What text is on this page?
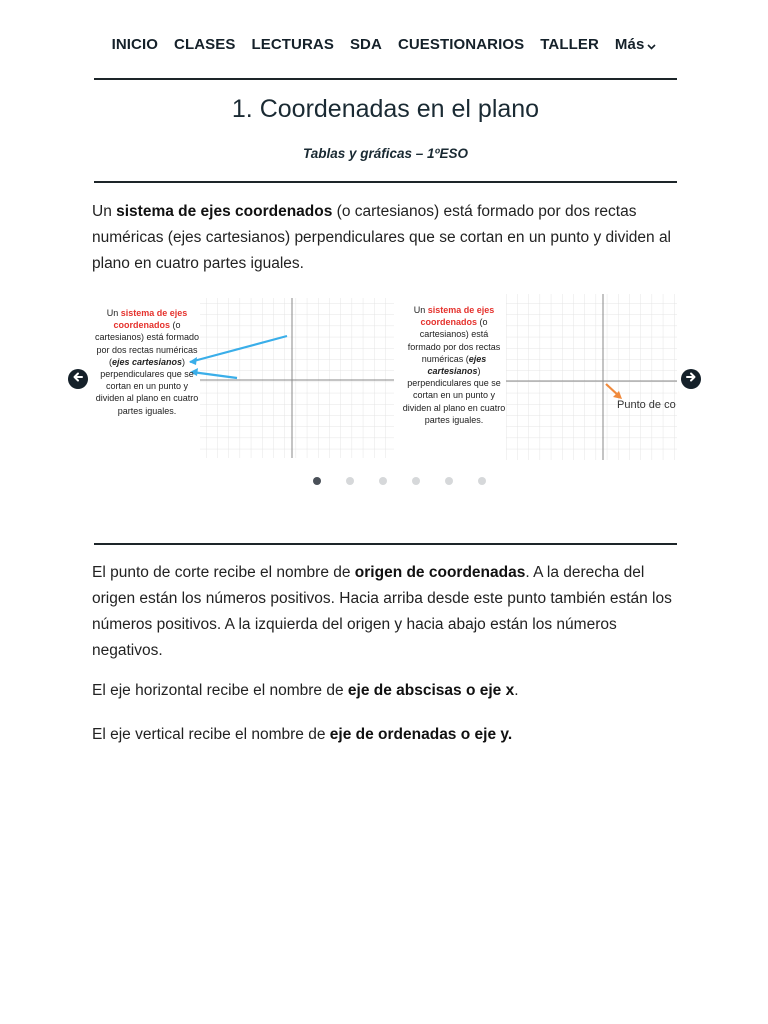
INICIO CLASES LECTURAS SDA CUESTIONARIOS TALLER Más
1. Coordenadas en el plano
Tablas y gráficas – 1ºESO

Un sistema de ejes coordenados (o cartesianos) está formado por dos rectas numéricas (ejes cartesianos) perpendiculares que se cortan en un punto y dividen al plano en cuatro partes iguales.

Un sistema de ejes coordenados (o cartesianos) está formado por dos rectas numéricas (ejes cartesianos) perpendiculares que se cortan en un punto y dividen al plano en cuatro partes iguales.
Un sistema de ejes coordenados (o cartesianos) está formado por dos rectas numéricas (ejes cartesianos) perpendiculares que se cortan en un punto y dividen al plano en cuatro partes iguales.
Punto de co

El punto de corte recibe el nombre de origen de coordenadas. A la derecha del origen están los números positivos. Hacia arriba desde este punto también están los números positivos. A la izquierda del origen y hacia abajo están los números negativos.

El eje horizontal recibe el nombre de eje de abscisas o eje x.

El eje vertical recibe el nombre de eje de ordenadas o eje y.
